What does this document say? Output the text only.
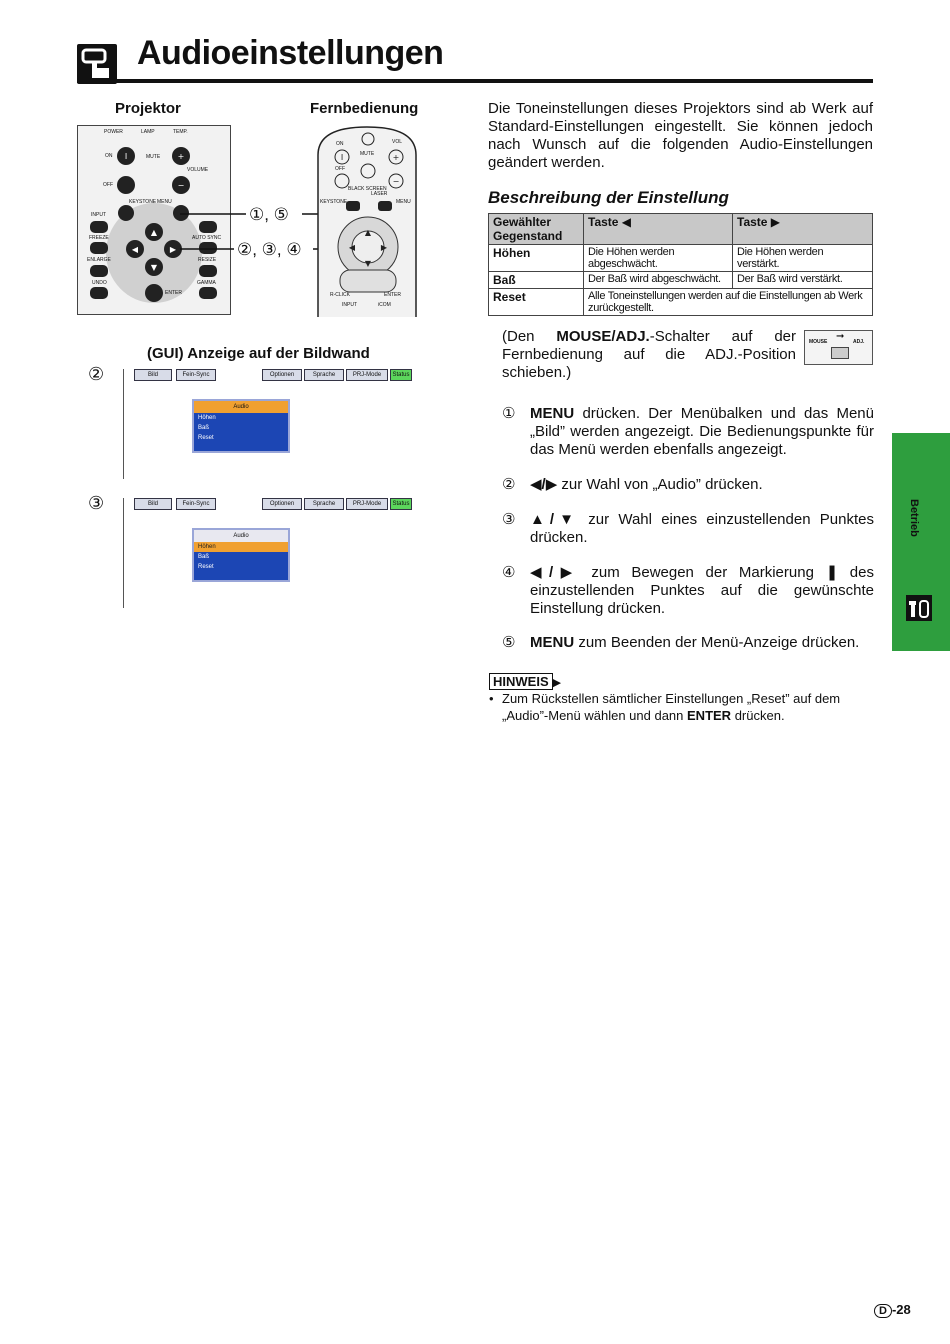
Audioeinstellungen
Projektor	Fernbedienung
I	+
−
▲
▼
◀	▶
POWER	LAMP	TEMP.
ON	MUTE
VOLUME
OFF
KEYSTONE MENU
INPUT
FREEZE	AUTO SYNC
ENLARGE	RESIZE
UNDO	GAMMA
ENTER
①, ⑤
②, ③, ④
I	+
−
▲
▼
◀	▶
ON	VOL
MUTE
OFF
BLACK SCREEN
LASER
KEYSTONE	MENU
R-CLICK	ENTER
INPUT	iCOM
(GUI) Anzeige auf der Bildwand
②	Bild	Fein-Sync	Optionen	Sprache	PRJ-Mode	Status
Audio
Höhen
Baß
Reset
③	Bild	Fein-Sync	Optionen	Sprache	PRJ-Mode	Status
Audio
Höhen
Baß
Reset
Die Toneinstellungen dieses Projektors sind ab Werk auf Standard-Einstellungen eingestellt. Sie können jedoch nach Wunsch auf die folgenden Audio-Einstellungen geändert werden.
Beschreibung der Einstellung
Gewählter Gegenstand	Taste ◀	Taste ▶
Höhen	Die Höhen werden abgeschwächt.	Die Höhen werden verstärkt.
Baß	Der Baß wird abgeschwächt.	Der Baß wird verstärkt.
Reset	Alle Toneinstellungen werden auf die Einstellungen ab Werk zurückgestellt.	
(Den MOUSE/ADJ.-Schalter auf der Fernbedienung auf die ADJ.-Position schieben.)
MOUSE	ADJ.
➞
① MENU drücken. Der Menübalken und das Menü „Bild” werden angezeigt. Die Bedienungspunkte für das Menü werden ebenfalls angezeigt.
② ◀/▶ zur Wahl von „Audio” drücken.
③ ▲/▼ zur Wahl eines einzustellenden Punktes drücken.
④ ◀/▶ zum Bewegen der Markierung ❚ des einzustellenden Punktes auf die gewünschte Einstellung drücken.
⑤ MENU zum Beenden der Menü-Anzeige drücken.
HINWEIS ▶
• Zum Rückstellen sämtlicher Einstellungen „Reset” auf dem „Audio”-Menü wählen und dann ENTER drücken.
Betrieb
D -28
